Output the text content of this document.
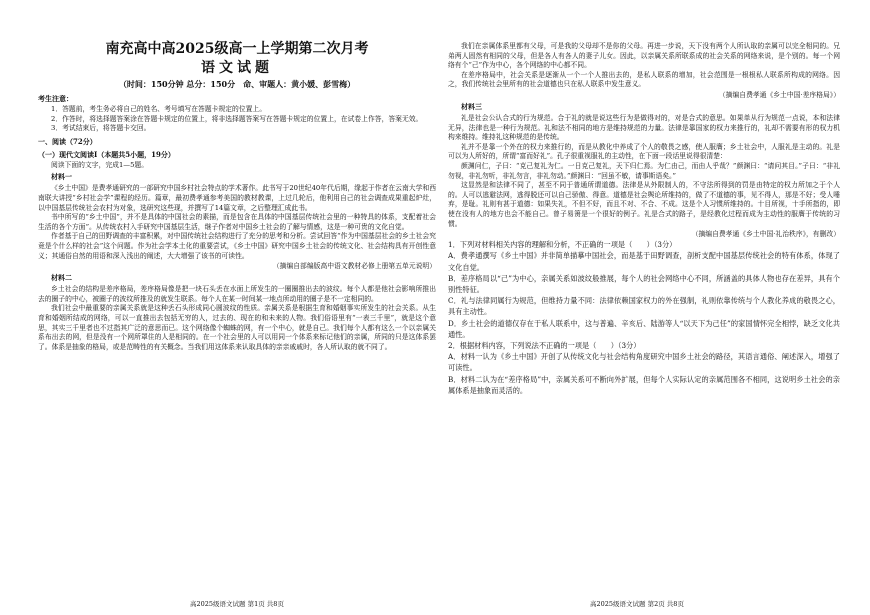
南充高中高2025级高一上学期第二次月考
语文试题
（时间：150分钟 总分：150分　命、审题人：黄小媛、彭雪梅）
考生注意：

1．答题前，考生务必将自己的姓名、考号填写在答题卡规定的位置上。

2．作答时，将选择题答案涂在答题卡规定的位置上，将非选择题答案写在答题卡规定的位置上，在试卷上作答，答案无效。

3．考试结束后，将答题卡交回。

一、阅读（72分）
（一）现代文阅读Ⅰ（本题共5小题，19分）

阅读下面的文字，完成1—5题。

材料一

《乡土中国》是费孝通研究的一部研究中国乡村社会特点的学术著作。此书写于20世纪40年代后期，缘起于作者在云南大学和西南联大讲授“乡村社会学”课程的经历。篇章，最初费孝通参考美国的教材教课，上过几轮后，他利用自己的社会调查成果重起炉灶，以中国基层传统社会农村为对象，选研究这些现，并撰写了14篇文章，之后整理汇成此书。

书中所写的“乡土中国”，并不是具体的中国社会的素描，而是包含在具体的中国基层传统社会里的一种特具的体系，支配着社会生活的各个方面”。从传统农村入手研究中国基层生活，继子作者对中国乡土社会的了解与情感，这是一种可贵的文化自觉。

作者基于自己的田野调查的丰富积累，对中国传统社会结构进行了充分的思考和分析。尝试回答“作为中国基层社会的乡土社会究竟是个什么样的社会”这个问题。作为社会学本土化的重要尝试，《乡土中国》研究中国乡土社会的传统文化、社会结构具有开创性意义；其通俗自然的用语和深入浅出的阐述，大大增强了该书的可读性。

（摘编自部编版高中语文教材必修上册第五单元说明）

材料二

乡土社会的结构是差序格局，差序格局像是把一块石头丢在水面上所发生的一圈圈推出去的波纹。每个人都是他社会影响所推出去的圈子的中心，被圈子的波纹所推及的就发生联系。每个人在某一时间某一地点所动用的圈子是不一定相同的。

我们社会中最重要的亲属关系就是这种丢石头形成同心圆波纹的性质。亲属关系是根据生育和婚姻事实所发生的社会关系。从生育和婚姻所结成的网络，可以一直推出去包括无穷的人，过去的、现在的和未来的人物。我们俗语里有“一表三千里”，就是这个意思，其实三千里者也不过指其广泛的意思而已。这个网络像个蜘蛛的网，有一个中心，就是自己。我们每个人都有这么一个以亲属关系布出去的网，但是没有一个网所罩住的人是相同的。在一个社会里的人可以用同一个体系来标记他们的亲属，所同的只是这体系罢了。体系是抽象的格局，或是范畴性的有关概念。当我们用这体系来认取具体的亲亲戚戚时，各人所认取的就不同了。

高2025级语文试题 第1页 共8页

我们在亲属体系里都有父母，可是我的父母却不是你的父母。再进一步说，天下没有两个人所认取的亲属可以完全相同的。兄弟两人固然有相同的父母，但是各人有各人的妻子儿女。因此，以亲属关系所联系成的社会关系的网络来说，是个别的。每一个网络有个“己”作为中心，各个网络的中心都不同。

在差序格局中，社会关系是逐渐从一个一个人推出去的，是私人联系的增加，社会范围是一根根私人联系所构成的网络。因之，我们传统社会里所有的社会道德也只在私人联系中发生意义。

（摘编自费孝通《乡土中国·差序格局》）

材料三

礼是社会公认合式的行为规范。合于礼的就是说这些行为是做得对的，对是合式的意思。如果单从行为规范一点说，本和法律无异，法律也是一种行为规范。礼和法不相同的地方是维持规范的力量。法律是靠国家的权力来推行的，礼却不需要有形的权力机构来维持。维持礼这种规范的是传统。

礼并不是靠一个外在的权力来推行的，而是从教化中养成了个人的敬畏之感，使人服膺；乡土社会中，人服礼是主动的。礼是可以为人所好的，所谓“富而好礼”。孔子很重视服礼的主动性，在下面一段话里说得很清楚：

颜渊问仁，子曰：“克己复礼为仁。一日克己复礼，天下归仁焉。为仁由己，而由人乎哉？”颜渊曰：“请问其目。”子曰：“非礼勿视，非礼勿听，非礼勿言，非礼勿动。”颜渊曰：“回虽不敏，请事斯语矣。”

这显然是和法律不同了，甚至不同于普通所谓道德。法律是从外限制人的，不守法所得到的罚是由特定的权力所加之于个人的。人可以逃避法网，逃得脱还可以自己骄傲、得意。道德是社会舆论所维持的，做了不道德的事，见不得人，那是不好；受人唾弃，是耻。礼则有甚于道德：如果失礼，不但不好，而且不对、不合、不成。这是个人习惯所维持的。十目所视，十手所指的，即使在没有人的地方也会不能自己。曾子易箦是一个很好的例子。礼是合式的路子，是经教化过程而成为主动性的服膺于传统的习惯。

（摘编自费孝通《乡土中国·礼治秩序》，有删改）

1．下列对材料相关内容的理解和分析，不正确的一项是（　　）（3分）

A．费孝通撰写《乡土中国》并非简单描摹中国社会，而是基于田野调查，剖析支配中国基层传统社会的特有体系，体现了文化自觉。

B．差序格局以“己”为中心，亲属关系如波纹般推展，每个人的社会网络中心不同，所涵盖的具体人物也存在差异，具有个别性特征。

C．礼与法律同属行为规范，但维持力量不同：法律依赖国家权力的外在强制，礼则依靠传统与个人教化养成的敬畏之心，具有主动性。

D．乡土社会的道德仅存在于私人联系中，这与普遍、辛亥后、陆游等人“以天下为己任”的家国情怀完全相悖，缺乏文化共通性。

2．根据材料内容，下列说法不正确的一项是（　　）（3分）

A．材料一认为《乡土中国》开创了从传统文化与社会结构角度研究中国乡土社会的路径，其语言通俗、阐述深入，增强了可读性。

B．材料二认为在“差序格局”中，亲属关系可不断向外扩展，但每个人实际认定的亲属范围各不相同，这说明乡土社会的亲属体系是抽象而灵活的。

高2025级语文试题 第2页 共8页
